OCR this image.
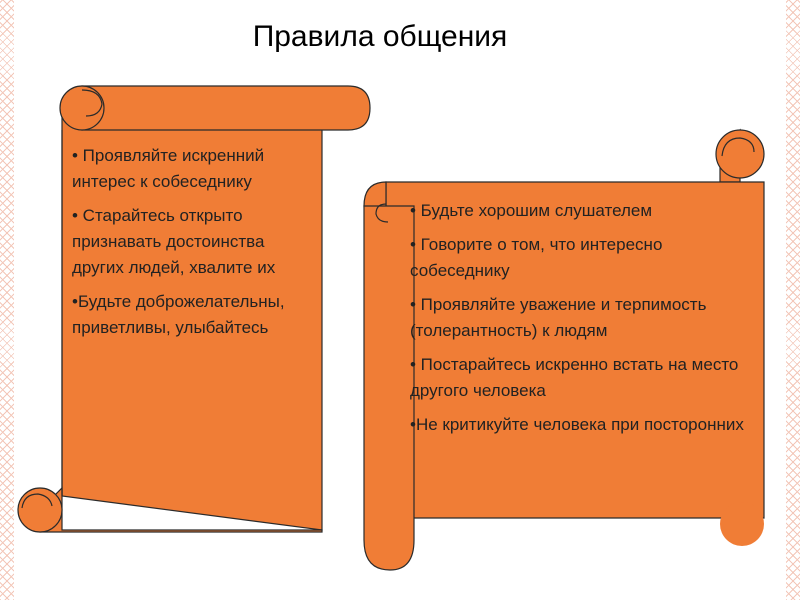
Правила общения

• Проявляйте искренний интерес к собеседнику

• Старайтесь открыто признавать достоинства других людей, хвалите их

•Будьте доброжелательны, приветливы, улыбайтесь

• Будьте хорошим слушателем

• Говорите о том, что интересно собеседнику

• Проявляйте уважение и терпимость (толерантность) к людям

• Постарайтесь искренно встать на место другого человека

•Не критикуйте человека при посторонних
